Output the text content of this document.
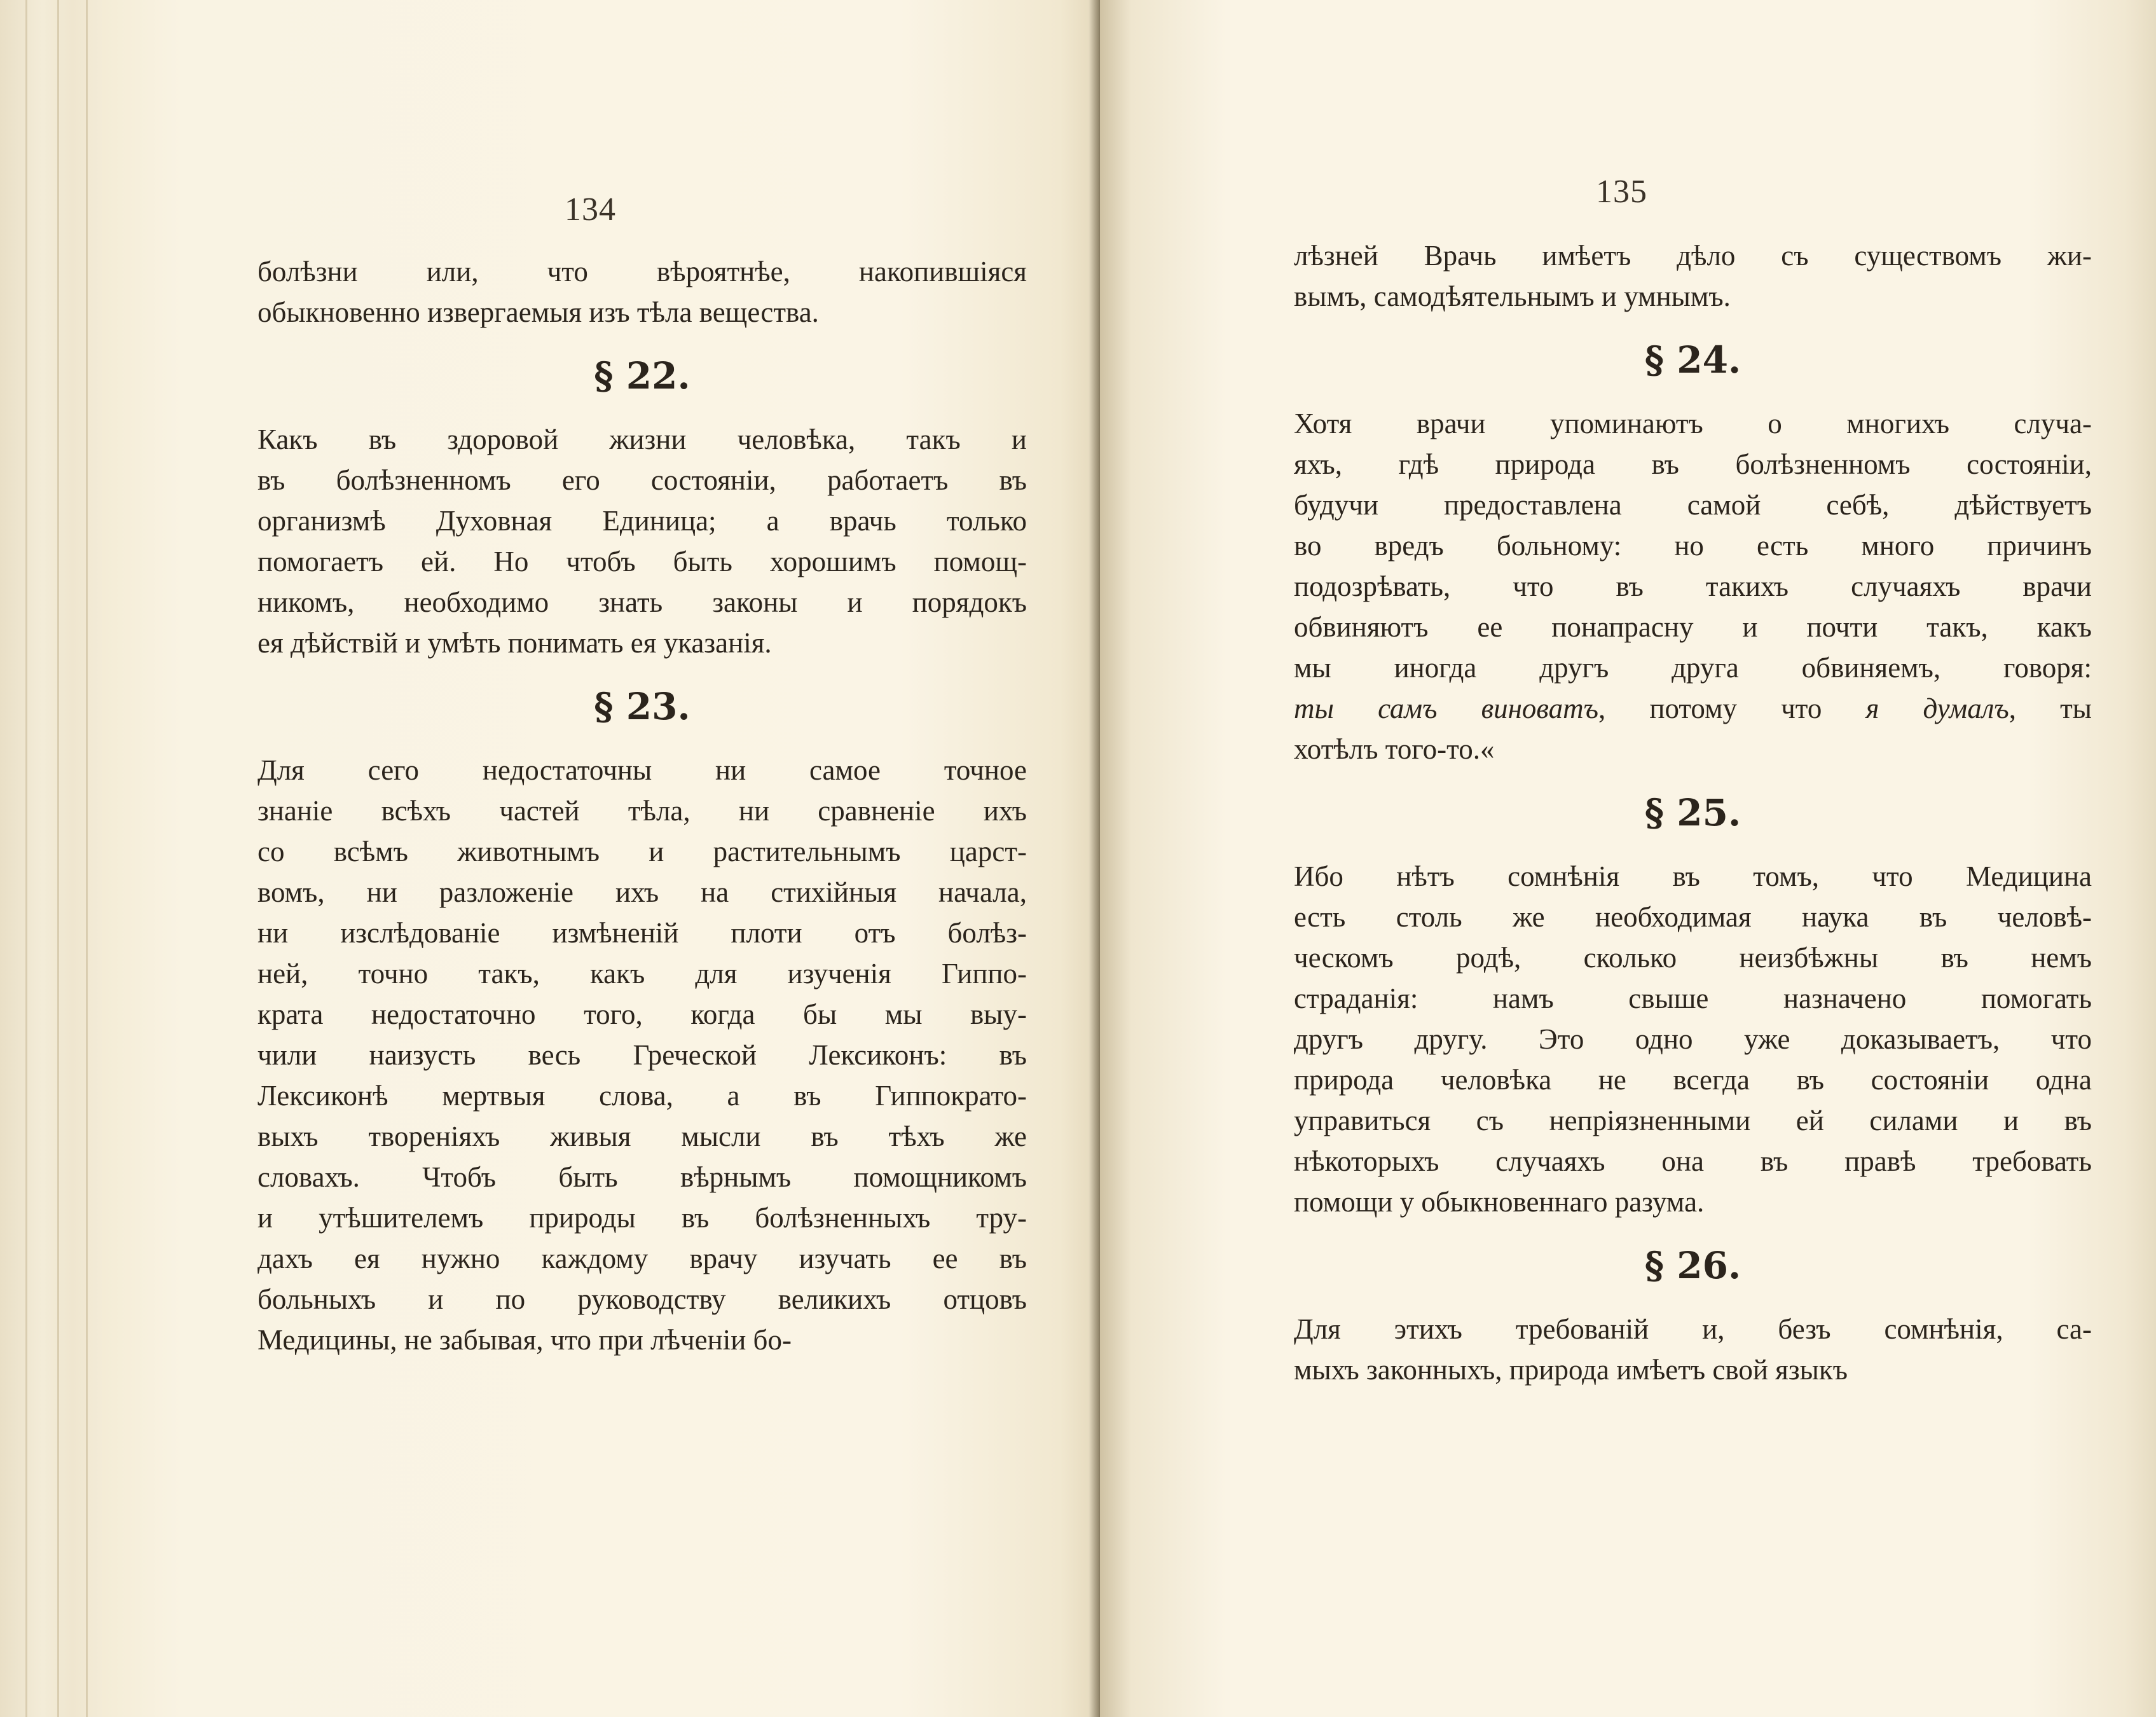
134
болѣзни или, что вѣроятнѣе, накопившіяся
обыкновенно извергаемыя изъ тѣла вещества.
§ 22.
Какъ въ здоровой жизни человѣка, такъ и
въ болѣзненномъ его состояніи, работаетъ въ
организмѣ Духовная Единица; а врачь только
помогаетъ ей. Но чтобъ быть хорошимъ помощ-
никомъ, необходимо знать законы и порядокъ
ея дѣйствій и умѣть понимать ея указанія.
§ 23.
Для сего недостаточны ни самое точное
знаніе всѣхъ частей тѣла, ни сравненіе ихъ
со всѣмъ животнымъ и растительнымъ царст-
вомъ, ни разложеніе ихъ на стихійныя начала,
ни изслѣдованіе измѣненій плоти отъ болѣз-
ней, точно такъ, какъ для изученія Гиппо-
крата недостаточно того, когда бы мы выу-
чили наизусть весь Греческой Лексиконъ: въ
Лексиконѣ мертвыя слова, а въ Гиппократо-
выхъ твореніяхъ живыя мысли въ тѣхъ же
словахъ. Чтобъ быть вѣрнымъ помощникомъ
и утѣшителемъ природы въ болѣзненныхъ тру-
дахъ ея нужно каждому врачу изучать ее въ
больныхъ и по руководству великихъ отцовъ
Медицины, не забывая, что при лѣченіи бо-
135
лѣзней Врачь имѣетъ дѣло съ существомъ жи-
вымъ, самодѣятельнымъ и умнымъ.
§ 24.
Хотя врачи упоминаютъ о многихъ случа-
яхъ, гдѣ природа въ болѣзненномъ состояніи,
будучи предоставлена самой себѣ, дѣйствуетъ
во вредъ больному: но есть много причинъ
подозрѣвать, что въ такихъ случаяхъ врачи
обвиняютъ ее понапрасну и почти такъ, какъ
мы иногда другъ друга обвиняемъ, говоря:
ты самъ виноватъ, потому что я думалъ, ты
хотѣлъ того-то.«
§ 25.
Ибо нѣтъ сомнѣнія въ томъ, что Медицина
есть столь же необходимая наука въ человѣ-
ческомъ родѣ, сколько неизбѣжны въ немъ
страданія: намъ свыше назначено помогать
другъ другу. Это одно уже доказываетъ, что
природа человѣка не всегда въ состояніи одна
управиться съ непріязненными ей силами и въ
нѣкоторыхъ случаяхъ она въ правѣ требовать
помощи у обыкновеннаго разума.
§ 26.
Для этихъ требованій и, безъ сомнѣнія, са-
мыхъ законныхъ, природа имѣетъ свой языкъ
